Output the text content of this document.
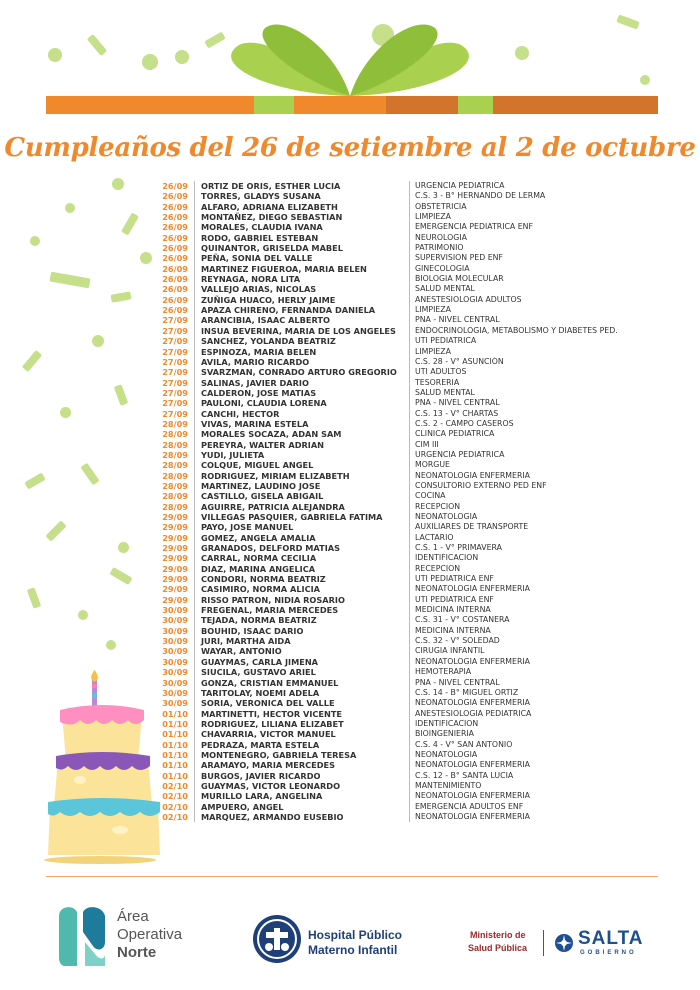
Cumpleaños del 26 de setiembre al 2 de octubre
26/09	ORTIZ DE ORIS, ESTHER LUCIA	URGENCIA PEDIATRICA
26/09	TORRES, GLADYS SUSANA	C.S. 3 - B° HERNANDO DE LERMA
26/09	ALFARO, ADRIANA ELIZABETH	OBSTETRICIA
26/09	MONTAÑEZ, DIEGO SEBASTIAN	LIMPIEZA
26/09	MORALES, CLAUDIA IVANA	EMERGENCIA PEDIATRICA ENF
26/09	RODO, GABRIEL ESTEBAN	NEUROLOGIA
26/09	QUINANTOR, GRISELDA MABEL	PATRIMONIO
26/09	PEÑA, SONIA DEL VALLE	SUPERVISION PED ENF
26/09	MARTINEZ FIGUEROA, MARIA BELEN	GINECOLOGIA
26/09	REYNAGA, NORA LITA	BIOLOGIA MOLECULAR
26/09	VALLEJO ARIAS, NICOLAS	SALUD MENTAL
26/09	ZUÑIGA HUACO, HERLY JAIME	ANESTESIOLOGIA ADULTOS
26/09	APAZA CHIRENO, FERNANDA DANIELA	LIMPIEZA
27/09	ARANCIBIA, ISAAC ALBERTO	PNA - NIVEL CENTRAL
27/09	INSUA BEVERINA, MARIA DE LOS ANGELES	ENDOCRINOLOGIA, METABOLISMO Y DIABETES PED.
27/09	SANCHEZ, YOLANDA BEATRIZ	UTI PEDIATRICA
27/09	ESPINOZA, MARIA BELEN	LIMPIEZA
27/09	AVILA, MARIO RICARDO	C.S. 28 - V° ASUNCIÓN
27/09	SVARZMAN, CONRADO ARTURO GREGORIO	UTI ADULTOS
27/09	SALINAS, JAVIER DARIO	TESORERIA
27/09	CALDERON, JOSE MATIAS	SALUD MENTAL
27/09	PAULONI, CLAUDIA LORENA	PNA - NIVEL CENTRAL
27/09	CANCHI, HECTOR	C.S. 13 - V° CHARTAS
28/09	VIVAS, MARINA ESTELA	C.S. 2 - CAMPO CASEROS
28/09	MORALES SOCAZA, ADAN SAM	CLINICA PEDIATRICA
28/09	PEREYRA, WALTER ADRIAN	CIM III
28/09	YUDI, JULIETA	URGENCIA PEDIATRICA
28/09	COLQUE, MIGUEL ANGEL	MORGUE
28/09	RODRIGUEZ, MIRIAM ELIZABETH	NEONATOLOGIA ENFERMERIA
28/09	MARTINEZ, LAUDINO JOSE	CONSULTORIO EXTERNO PED ENF
28/09	CASTILLO, GISELA ABIGAIL	COCINA
28/09	AGUIRRE, PATRICIA ALEJANDRA	RECEPCION
29/09	VILLEGAS PASQUIER, GABRIELA FATIMA	NEONATOLOGIA
29/09	PAYO, JOSE MANUEL	AUXILIARES DE TRANSPORTE
29/09	GOMEZ, ANGELA AMALIA	LACTARIO
29/09	GRANADOS, DELFORD MATIAS	C.S. 1 - V° PRIMAVERA
29/09	CARRAL, NORMA CECILIA	IDENTIFICACION
29/09	DIAZ, MARINA ANGELICA	RECEPCION
29/09	CONDORI, NORMA BEATRIZ	UTI PEDIATRICA ENF
29/09	CASIMIRO, NORMA ALICIA	NEONATOLOGIA ENFERMERIA
29/09	RISSO PATRON, NIDIA ROSARIO	UTI PEDIATRICA ENF
30/09	FREGENAL, MARIA MERCEDES	MEDICINA INTERNA
30/09	TEJADA, NORMA BEATRIZ	C.S. 31 - V° COSTANERA
30/09	BOUHID, ISAAC DARIO	MEDICINA INTERNA
30/09	JURI, MARTHA AIDA	C.S. 32 - V° SOLEDAD
30/09	WAYAR, ANTONIO	CIRUGIA INFANTIL
30/09	GUAYMAS, CARLA JIMENA	NEONATOLOGIA ENFERMERIA
30/09	SIUCILA, GUSTAVO ARIEL	HEMOTERAPIA
30/09	GONZA, CRISTIAN EMMANUEL	PNA - NIVEL CENTRAL
30/09	TARITOLAY, NOEMI ADELA	C.S. 14 - B° MIGUEL ORTIZ
30/09	SORIA, VERONICA DEL VALLE	NEONATOLOGIA ENFERMERIA
01/10	MARTINETTI, HECTOR VICENTE	ANESTESIOLOGIA PEDIATRICA
01/10	RODRIGUEZ, LILIANA ELIZABET	IDENTIFICACION
01/10	CHAVARRIA, VICTOR MANUEL	BIOINGENIERIA
01/10	PEDRAZA, MARTA ESTELA	C.S. 4 - V° SAN ANTONIO
01/10	MONTENEGRO, GABRIELA TERESA	NEONATOLOGIA
01/10	ARAMAYO, MARIA MERCEDES	NEONATOLOGIA ENFERMERIA
01/10	BURGOS, JAVIER RICARDO	C.S. 12 - B° SANTA LUCIA
02/10	GUAYMAS, VICTOR LEONARDO	MANTENIMIENTO
02/10	MURILLO LARA, ANGELINA	NEONATOLOGIA ENFERMERIA
02/10	AMPUERO, ANGEL	EMERGENCIA ADULTOS ENF
02/10	MARQUEZ, ARMANDO EUSEBIO	NEONATOLOGIA ENFERMERIA
Área
Operativa
Norte
Hospital Público
Materno Infantil
Ministerio de
Salud Pública	SALTA
GOBIERNO
